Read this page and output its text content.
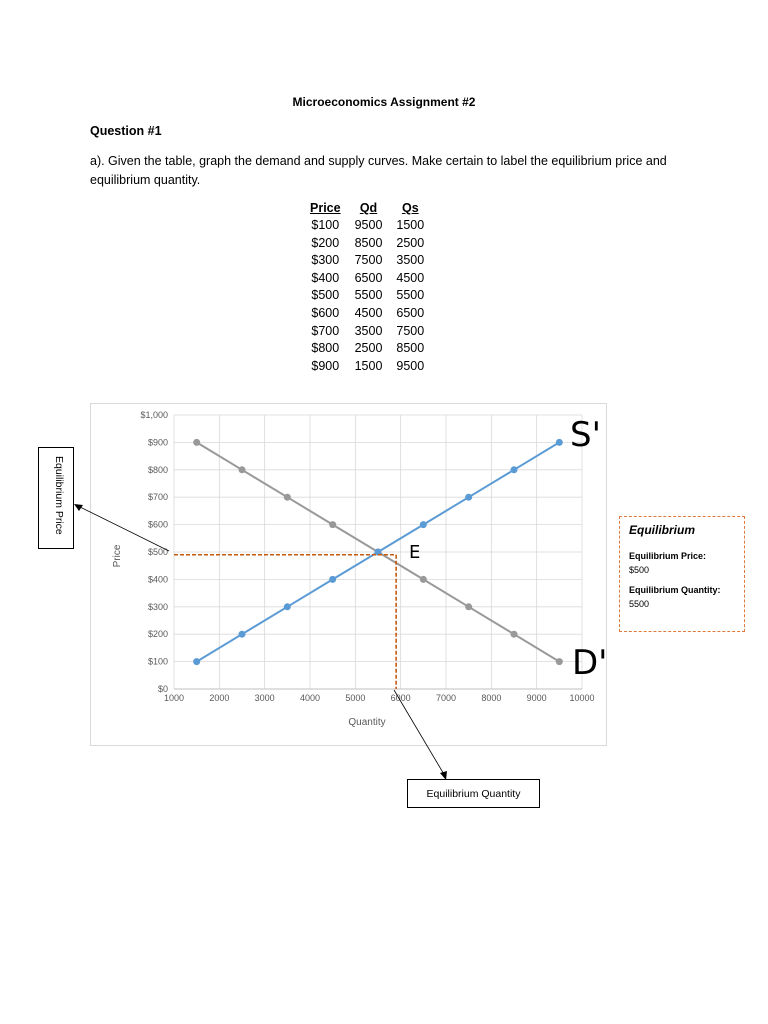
Microeconomics Assignment #2
Question #1
a). Given the table, graph the demand and supply curves. Make certain to label the equilibrium price and equilibrium quantity.
Price	Qd	Qs
$100	9500	1500
$200	8500	2500
$300	7500	3500
$400	6500	4500
$500	5500	5500
$600	4500	6500
$700	3500	7500
$800	2500	8500
$900	1500	9500
$0
$100
$200
$300
$400
$500
$600
$700
$800
$900
$1,000
1000	2000	3000	4000	5000	6000	7000	8000	9000	10000
Quantity
Price
S'
D'
E
Equilibrium Price
Equilibrium Quantity
Equilibrium
Equilibrium Price:
$500
Equilibrium Quantity:
5500
